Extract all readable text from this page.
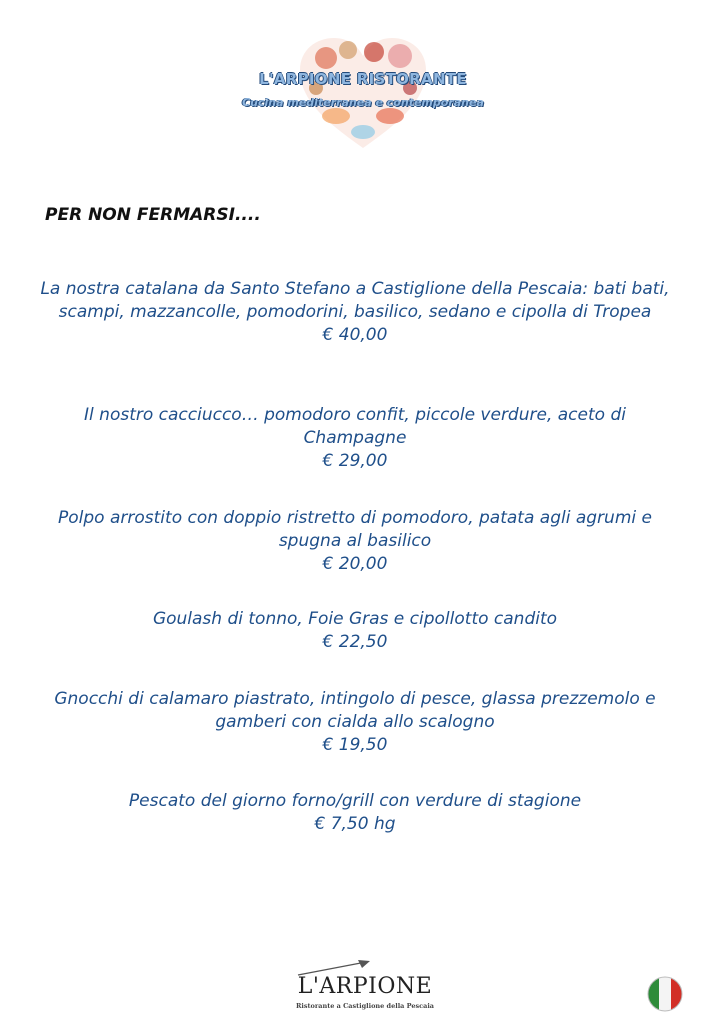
L'ARPIONE RISTORANTE
Cucina mediterranea e contemporanea
PER NON FERMARSI....
La nostra catalana da Santo Stefano a Castiglione della Pescaia: bati bati, scampi, mazzancolle, pomodorini, basilico, sedano e cipolla di Tropea
€ 40,00
Il nostro cacciucco… pomodoro confit, piccole verdure, aceto di Champagne
€ 29,00
Polpo arrostito con doppio ristretto di pomodoro, patata agli agrumi e spugna al basilico
€ 20,00
Goulash di tonno, Foie Gras e cipollotto candito
€ 22,50
Gnocchi di calamaro piastrato, intingolo di pesce, glassa prezzemolo e gamberi con cialda allo scalogno
€ 19,50
Pescato del giorno forno/grill con verdure di stagione
€ 7,50 hg
L'ARPIONE
Ristorante a Castiglione della Pescaia
